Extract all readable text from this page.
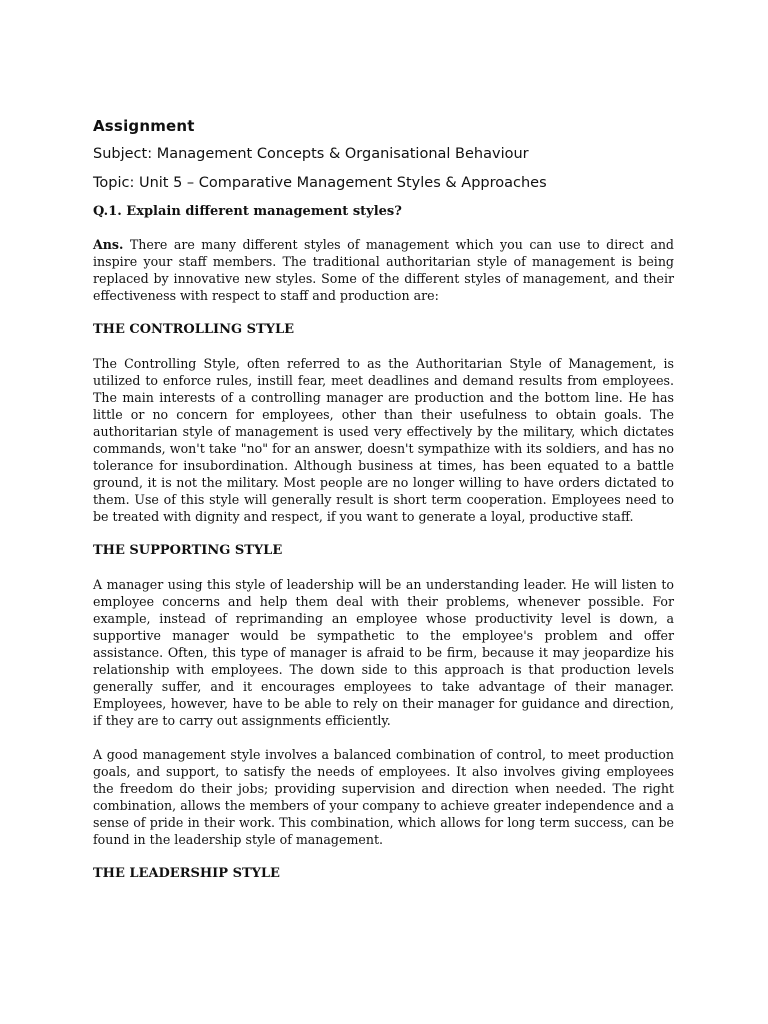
Assignment
Subject: Management Concepts & Organisational Behaviour
Topic: Unit 5 – Comparative Management Styles & Approaches
Q.1. Explain different management styles?

Ans. There are many different styles of management which you can use to direct and inspire your staff members. The traditional authoritarian style of management is being replaced by innovative new styles. Some of the different styles of management, and their effectiveness with respect to staff and production are:

THE CONTROLLING STYLE

The Controlling Style, often referred to as the Authoritarian Style of Management, is utilized to enforce rules, instill fear, meet deadlines and demand results from employees. The main interests of a controlling manager are production and the bottom line. He has little or no concern for employees, other than their usefulness to obtain goals. The authoritarian style of management is used very effectively by the military, which dictates commands, won't take "no" for an answer, doesn't sympathize with its soldiers, and has no tolerance for insubordination. Although business at times, has been equated to a battle ground, it is not the military. Most people are no longer willing to have orders dictated to them. Use of this style will generally result is short term cooperation. Employees need to be treated with dignity and respect, if you want to generate a loyal, productive staff.

THE SUPPORTING STYLE

A manager using this style of leadership will be an understanding leader. He will listen to employee concerns and help them deal with their problems, whenever possible. For example, instead of reprimanding an employee whose productivity level is down, a supportive manager would be sympathetic to the employee's problem and offer assistance. Often, this type of manager is afraid to be firm, because it may jeopardize his relationship with employees. The down side to this approach is that production levels generally suffer, and it encourages employees to take advantage of their manager. Employees, however, have to be able to rely on their manager for guidance and direction, if they are to carry out assignments efficiently.

A good management style involves a balanced combination of control, to meet production goals, and support, to satisfy the needs of employees. It also involves giving employees the freedom do their jobs; providing supervision and direction when needed. The right combination, allows the members of your company to achieve greater independence and a sense of pride in their work. This combination, which allows for long term success, can be found in the leadership style of management.

THE LEADERSHIP STYLE
